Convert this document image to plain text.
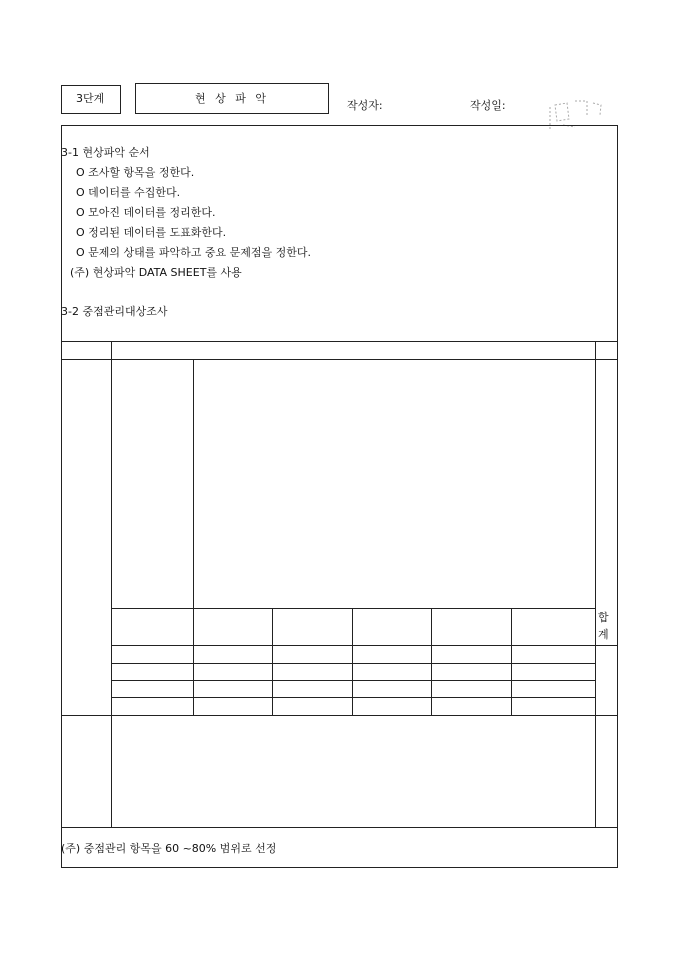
3단계	현 상 파 악
작성자:	작성일:
3-1 현상파악 순서
O 조사할 항목을 정한다.
O 데이터를 수집한다.
O 모아진 데이터를 정리한다.
O 정리된 데이터를 도표화한다.
O 문제의 상태를 파악하고 중요 문제점을 정한다.
(주) 현상파악 DATA SHEET를 사용
3-2 중점관리대상조사
합
계
(주) 중점관리 항목을 60 ~80% 범위로 선정
